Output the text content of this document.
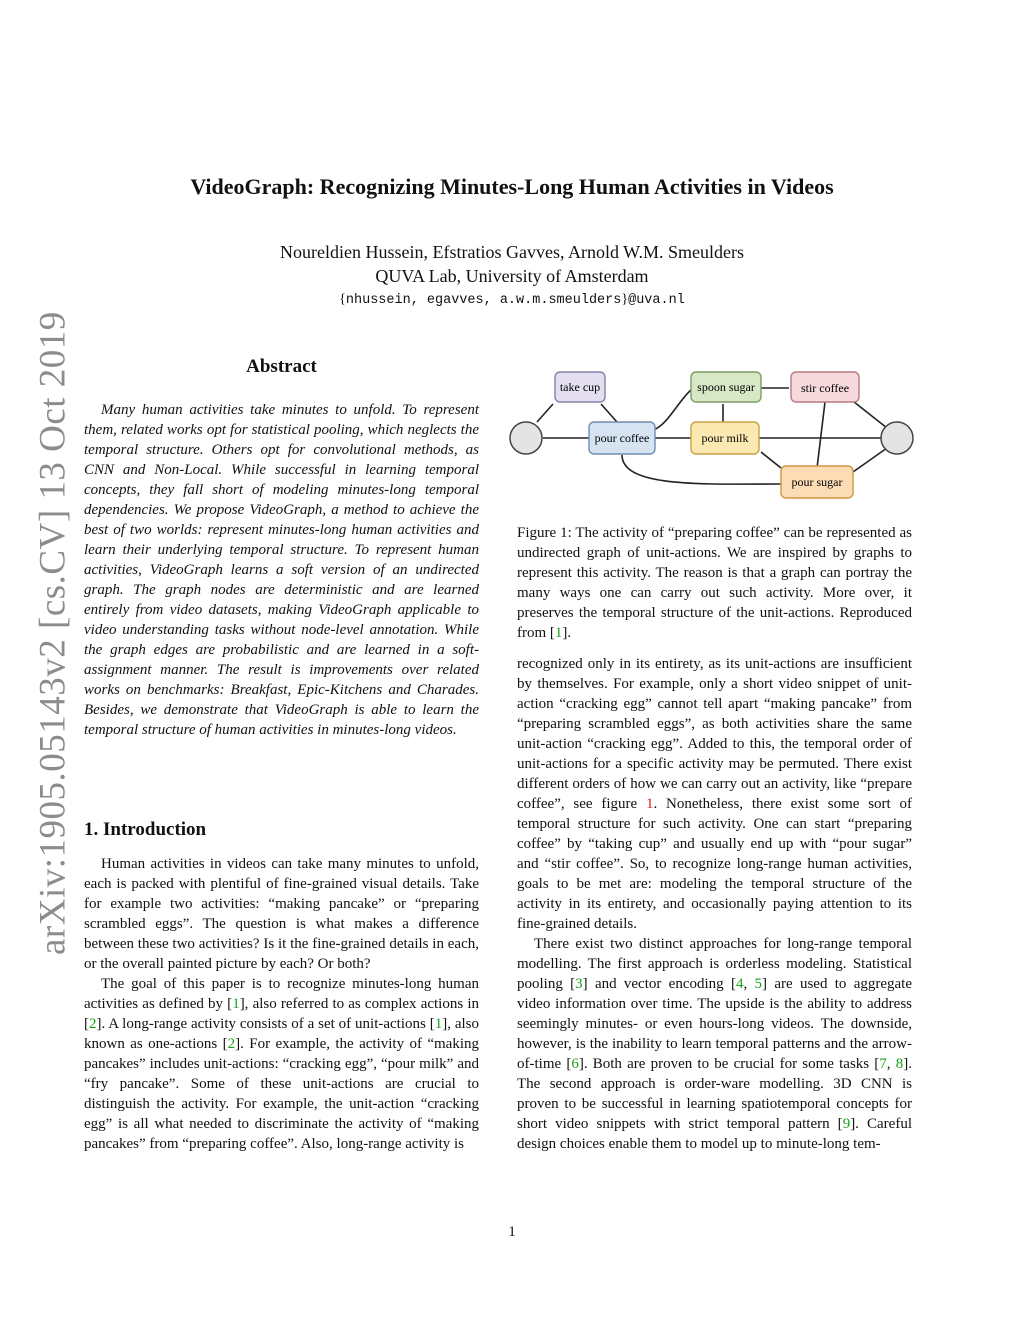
arXiv:1905.05143v2 [cs.CV] 13 Oct 2019
VideoGraph: Recognizing Minutes-Long Human Activities in Videos
Noureldien Hussein, Efstratios Gavves, Arnold W.M. Smeulders
QUVA Lab, University of Amsterdam
{nhussein, egavves, a.w.m.smeulders}@uva.nl
Abstract

Many human activities take minutes to unfold. To represent them, related works opt for statistical pooling, which neglects the temporal structure. Others opt for convolutional methods, as CNN and Non-Local. While successful in learning temporal concepts, they fall short of modeling minutes-long temporal dependencies. We propose VideoGraph, a method to achieve the best of two worlds: represent minutes-long human activities and learn their underlying temporal structure. To represent human activities, VideoGraph learns a soft version of an undirected graph. The graph nodes are deterministic and are learned entirely from video datasets, making VideoGraph applicable to video understanding tasks without node-level annotation. While the graph edges are probabilistic and are learned in a soft-assignment manner. The result is improvements over related works on benchmarks: Breakfast, Epic-Kitchens and Charades. Besides, we demonstrate that VideoGraph is able to learn the temporal structure of human activities in minutes-long videos.

1. Introduction

Human activities in videos can take many minutes to unfold, each is packed with plentiful of fine-grained visual details. Take for example two activities: “making pancake” or “preparing scrambled eggs”. The question is what makes a difference between these two activities? Is it the fine-grained details in each, or the overall painted picture by each? Or both?

The goal of this paper is to recognize minutes-long human activities as defined by [1], also referred to as complex actions in [2]. A long-range activity consists of a set of unit-actions [1], also known as one-actions [2]. For example, the activity of “making pancakes” includes unit-actions: “cracking egg”, “pour milk” and “fry pancake”. Some of these unit-actions are crucial to distinguish the activity. For example, the unit-action “cracking egg” is all what needed to discriminate the activity of “making pancakes” from “preparing coffee”. Also, long-range activity is

take cup	spoon sugar	stir coffee
pour coffee	pour milk
pour sugar

Figure 1: The activity of “preparing coffee” can be represented as undirected graph of unit-actions. We are inspired by graphs to represent this activity. The reason is that a graph can portray the many ways one can carry out such activity. More over, it preserves the temporal structure of the unit-actions. Reproduced from [1].

recognized only in its entirety, as its unit-actions are insufficient by themselves. For example, only a short video snippet of unit-action “cracking egg” cannot tell apart “making pancake” from “preparing scrambled eggs”, as both activities share the same unit-action “cracking egg”. Added to this, the temporal order of unit-actions for a specific activity may be permuted. There exist different orders of how we can carry out an activity, like “prepare coffee”, see figure 1. Nonetheless, there exist some sort of temporal structure for such activity. One can start “preparing coffee” by “taking cup” and usually end up with “pour sugar” and “stir coffee”. So, to recognize long-range human activities, goals to be met are: modeling the temporal structure of the activity in its entirety, and occasionally paying attention to its fine-grained details.

There exist two distinct approaches for long-range temporal modelling. The first approach is orderless modeling. Statistical pooling [3] and vector encoding [4, 5] are used to aggregate video information over time. The upside is the ability to address seemingly minutes- or even hours-long videos. The downside, however, is the inability to learn temporal patterns and the arrow-of-time [6]. Both are proven to be crucial for some tasks [7, 8]. The second approach is order-ware modelling. 3D CNN is proven to be successful in learning spatiotemporal concepts for short video snippets with strict temporal pattern [9]. Careful design choices enable them to model up to minute-long tem-

1
